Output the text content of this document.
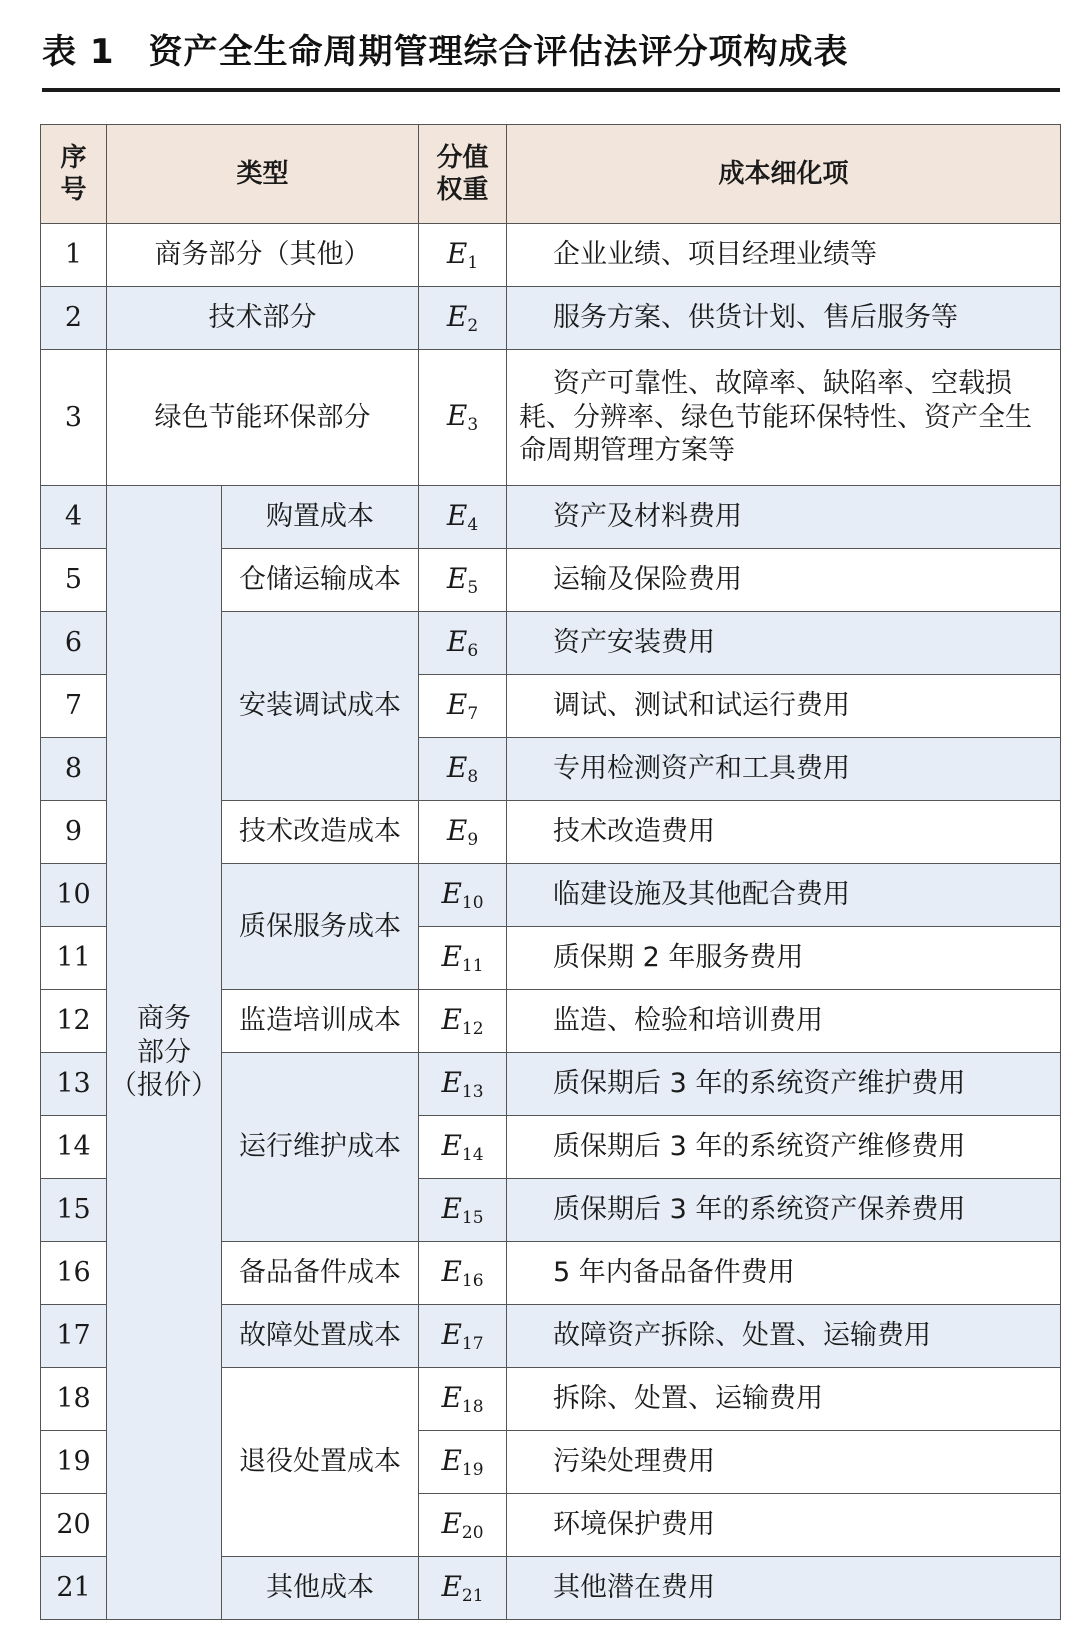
表 1 资产全生命周期管理综合评估法评分项构成表
序号	类型		分值权重	成本细化项
1	商务部分（其他）		$E_1$	企业业绩、项目经理业绩等
2	技术部分		$E_2$	服务方案、供货计划、售后服务等
3	绿色节能环保部分		$E_3$	资产可靠性、故障率、缺陷率、空载损耗、分辨率、绿色节能环保特性、资产全生命周期管理方案等
4	商务
部分
（报价）	购置成本	$E_4$	资产及材料费用
5		仓储运输成本	$E_5$	运输及保险费用
6		安装调试成本	$E_6$	资产安装费用
7			$E_7$	调试、测试和试运行费用
8			$E_8$	专用检测资产和工具费用
9		技术改造成本	$E_9$	技术改造费用
10		质保服务成本	$E_{10}$	临建设施及其他配合费用
11			$E_{11}$	质保期 2 年服务费用
12		监造培训成本	$E_{12}$	监造、检验和培训费用
13		运行维护成本	$E_{13}$	质保期后 3 年的系统资产维护费用
14			$E_{14}$	质保期后 3 年的系统资产维修费用
15			$E_{15}$	质保期后 3 年的系统资产保养费用
16		备品备件成本	$E_{16}$	5 年内备品备件费用
17		故障处置成本	$E_{17}$	故障资产拆除、处置、运输费用
18		退役处置成本	$E_{18}$	拆除、处置、运输费用
19			$E_{19}$	污染处理费用
20			$E_{20}$	环境保护费用
21		其他成本	$E_{21}$	其他潜在费用
